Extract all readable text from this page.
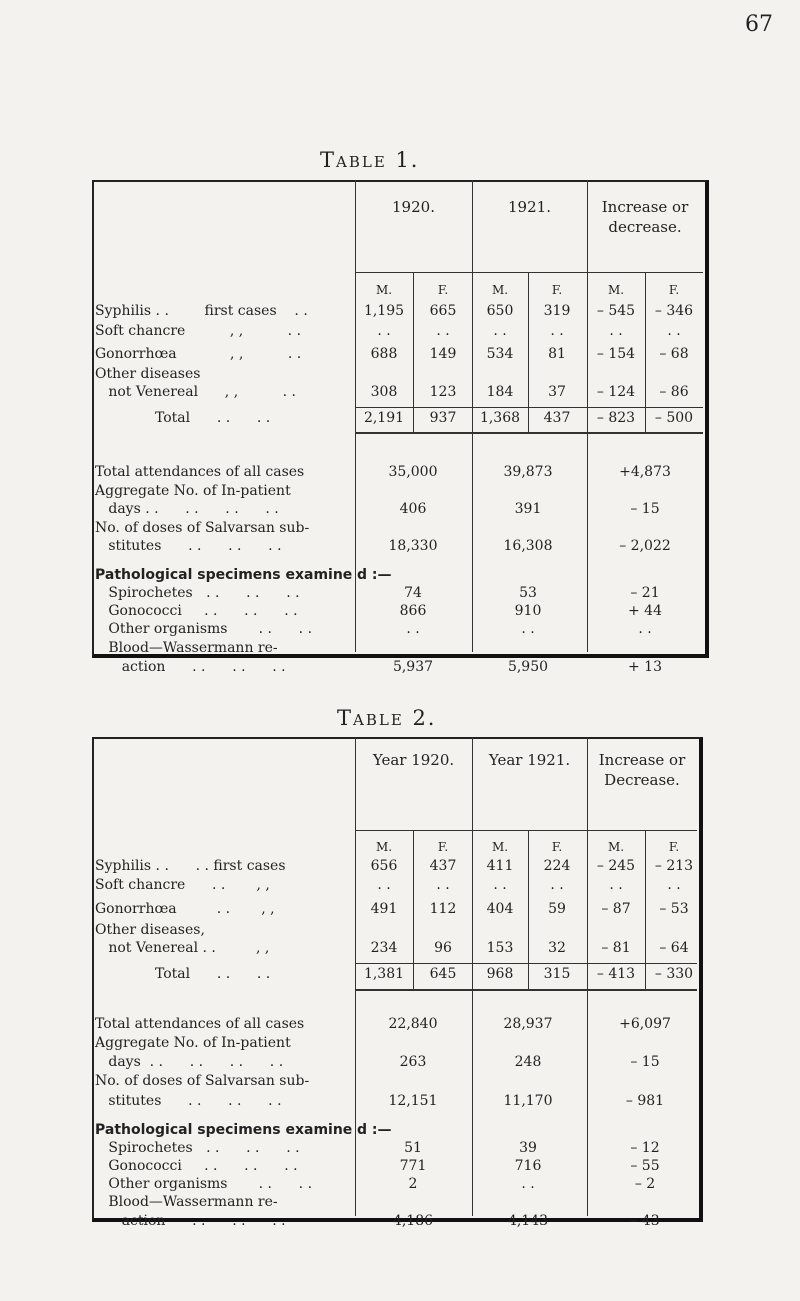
67
Table 1.
1920.	1921.	Increase or decrease.
M.	F.	M.	F.	M.	F.
Syphilis . .        first cases    . .	1,195	665	650	319	– 545	– 346
Soft chancre          , ,          . .	. .	. .	. .	. .	. .	. .
Gonorrhœa            , ,          . .	688	149	534	81	– 154	– 68
Other diseases
not Venereal      , ,          . .	308	123	184	37	– 124	– 86
Total      . .      . .	2,191	937	1,368	437	– 823	– 500
Total attendances of all cases	35,000	39,873	+4,873
Aggregate No. of In-patient
days . .      . .      . .      . .	406	391	– 15
No. of doses of Salvarsan sub-
stitutes      . .      . .      . .	18,330	16,308	– 2,022
Pathological specimens examine d :—
Spirochetes   . .      . .      . .	74	53	– 21
Gonococci     . .      . .      . .	866	910	+ 44
Other organisms       . .      . .	. .	. .	. .
Blood—Wassermann re-
action      . .      . .      . .	5,937	5,950	+ 13
Table 2.
Year 1920.	Year 1921.	Increase or Decrease.
M.	F.	M.	F.	M.	F.
Syphilis . .      . . first cases	656	437	411	224	– 245	– 213
Soft chancre      . .       , ,	. .	. .	. .	. .	. .	. .
Gonorrhœa         . .       , ,	491	112	404	59	– 87	– 53
Other diseases,
not Venereal . .         , ,	234	96	153	32	– 81	– 64
Total      . .      . .	1,381	645	968	315	– 413	– 330
Total attendances of all cases	22,840	28,937	+6,097
Aggregate No. of In-patient
days  . .      . .      . .      . .	263	248	– 15
No. of doses of Salvarsan sub-
stitutes      . .      . .      . .	12,151	11,170	– 981
Pathological specimens examine d :—
Spirochetes   . .      . .      . .	51	39	– 12
Gonococci     . .      . .      . .	771	716	– 55
Other organisms       . .      . .	2	. .	– 2
Blood—Wassermann re-
action      . .      . .      . .	4,186	4,143	– 43
